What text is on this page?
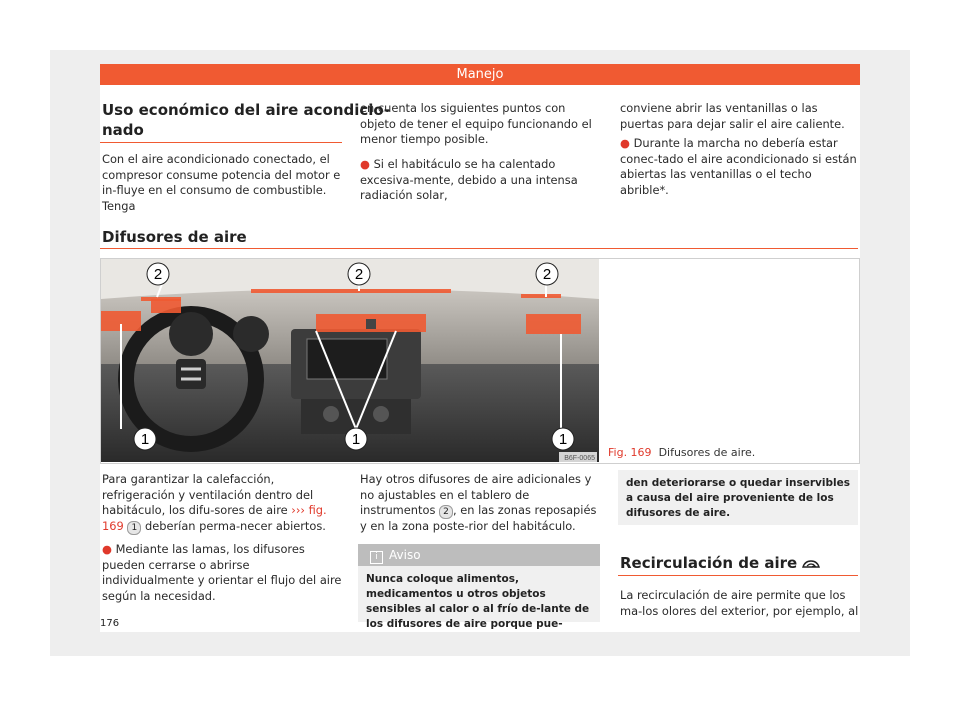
Manejo
Uso económico del aire acondicio-
nado

Con el aire acondicionado conectado, el compresor consume potencia del motor e in-fluye en el consumo de combustible. Tenga

en cuenta los siguientes puntos con objeto de tener el equipo funcionando el menor tiempo posible.

● Si el habitáculo se ha calentado excesiva-mente, debido a una intensa radiación solar,

conviene abrir las ventanillas o las puertas para dejar salir el aire caliente.

● Durante la marcha no debería estar conec-tado el aire acondicionado si están abiertas las ventanillas o el techo abrible*.

Difusores de aire
2	2	2
1	1	1
B6F-0065 Fig. 169 Difusores de aire.

Para garantizar la calefacción, refrigeración y ventilación dentro del habitáculo, los difu-sores de aire ››› fig. 169 1 deberían perma-necer abiertos.

● Mediante las lamas, los difusores pueden cerrarse o abrirse individualmente y orientar el flujo del aire según la necesidad.

Hay otros difusores de aire adicionales y no ajustables en el tablero de instrumentos 2 , en las zonas reposapiés y en la zona poste-rior del habitáculo.

i Aviso
Nunca coloque alimentos, medicamentos u otros objetos sensibles al calor o al frío de-lante de los difusores de aire porque pue-
den deteriorarse o quedar inservibles a causa del aire proveniente de los difusores de aire.
Recirculación de aire

La recirculación de aire permite que los ma-los olores del exterior, por ejemplo, al

176
